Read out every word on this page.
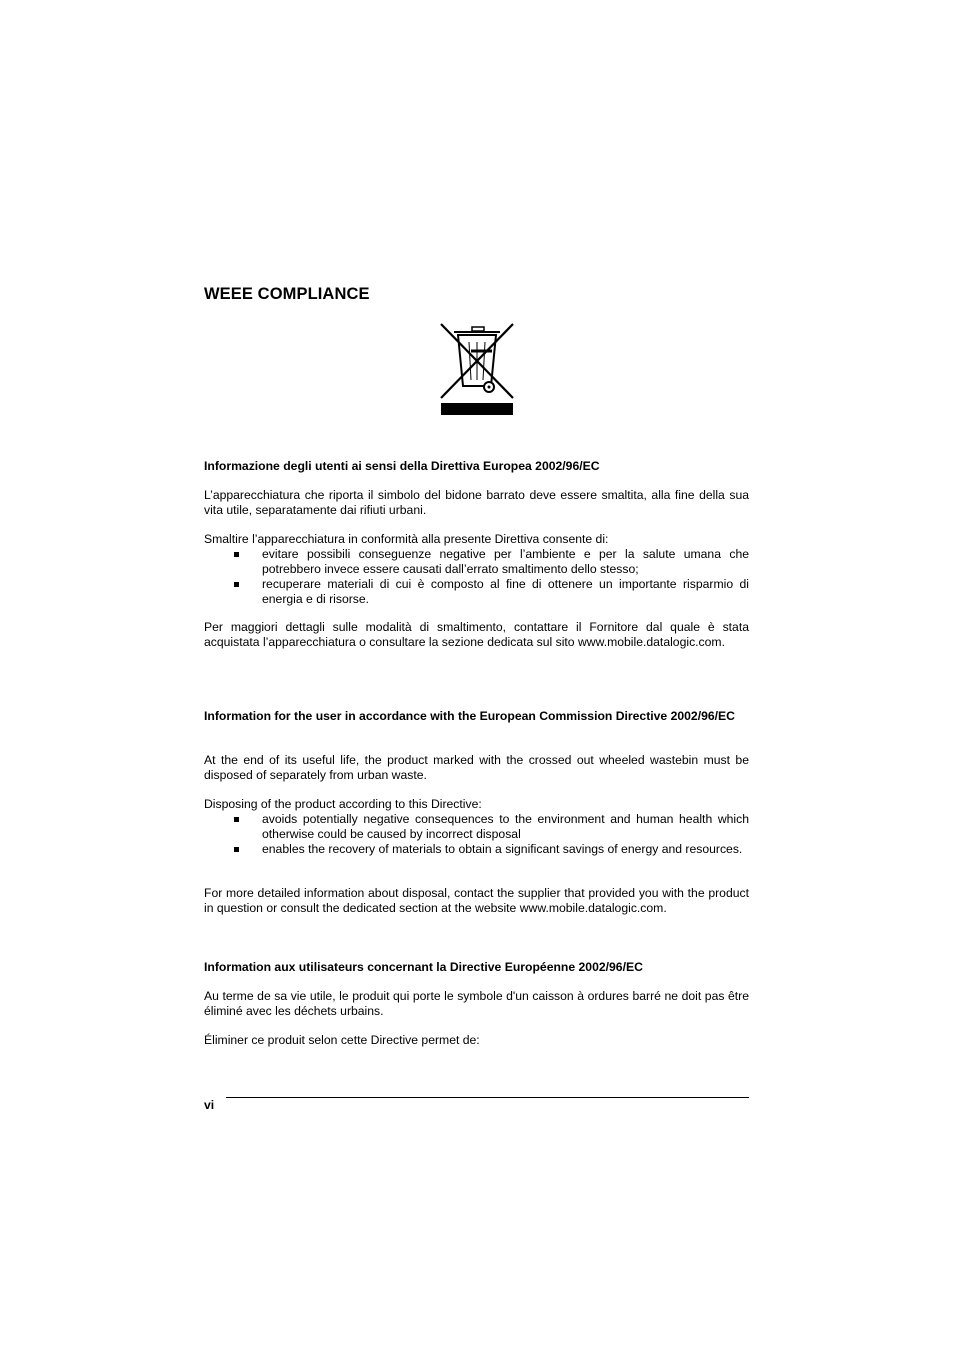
WEEE COMPLIANCE

Informazione degli utenti ai sensi della Direttiva Europea 2002/96/EC

L’apparecchiatura che riporta il simbolo del bidone barrato deve essere smaltita, alla fine della sua vita utile, separatamente dai rifiuti urbani.

Smaltire l’apparecchiatura in conformità alla presente Direttiva consente di:

evitare possibili conseguenze negative per l’ambiente e per la salute umana che potrebbero invece essere causati dall’errato smaltimento dello stesso;
recuperare materiali di cui è composto al fine di ottenere un importante risparmio di energia e di risorse.

Per maggiori dettagli sulle modalità di smaltimento, contattare il Fornitore dal quale è stata acquistata l’apparecchiatura o consultare la sezione dedicata sul sito www.mobile.datalogic.com.

Information for the user in accordance with the European Commission Directive 2002/96/EC

At the end of its useful life, the product marked with the crossed out wheeled wastebin must be disposed of separately from urban waste.

Disposing of the product according to this Directive:

avoids potentially negative consequences to the environment and human health which otherwise could be caused by incorrect disposal
enables the recovery of materials to obtain a significant savings of energy and resources.

For more detailed information about disposal, contact the supplier that provided you with the product in question or consult the dedicated section at the website www.mobile.datalogic.com.

Information aux utilisateurs concernant la Directive Européenne 2002/96/EC

Au terme de sa vie utile, le produit qui porte le symbole d'un caisson à ordures barré ne doit pas être éliminé avec les déchets urbains.

Éliminer ce produit selon cette Directive permet de:

vi
